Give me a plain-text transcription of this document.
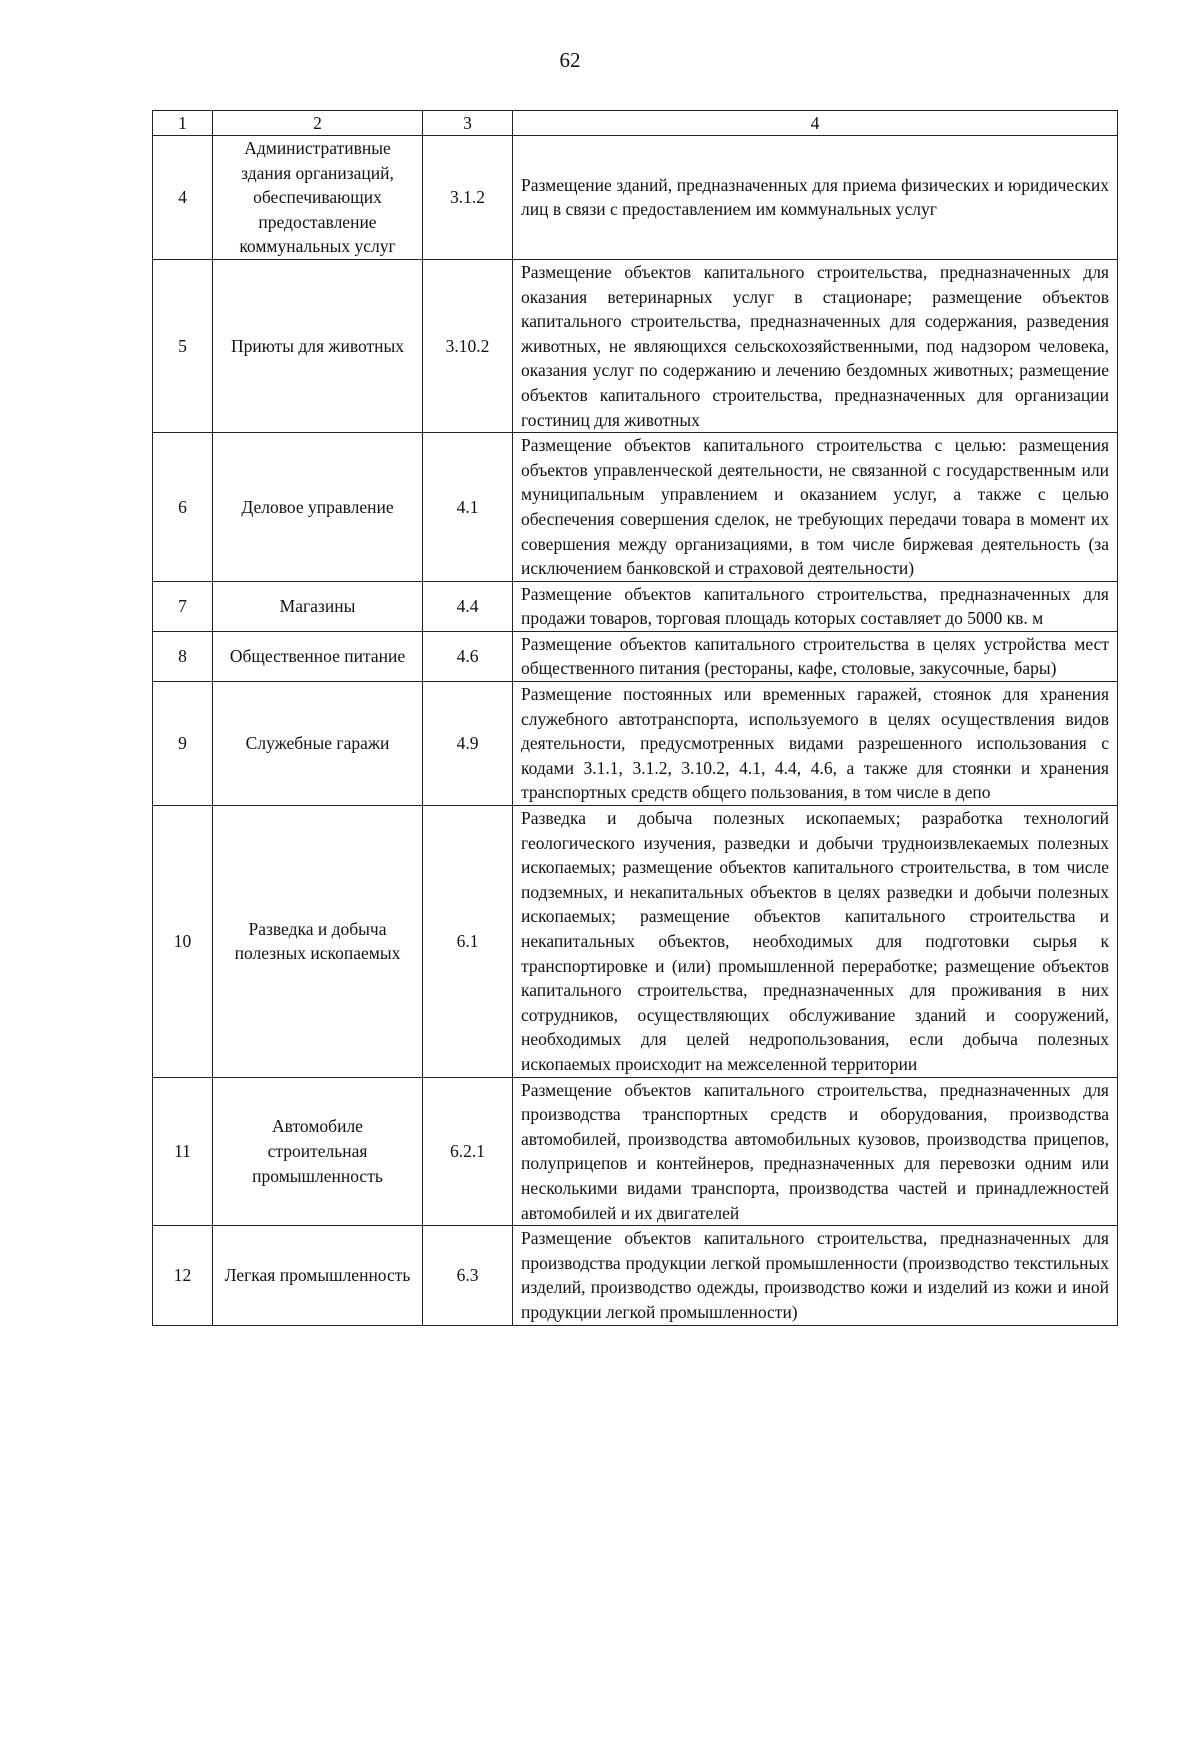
62
1	2	3	4
4	Административные здания организаций, обеспечивающих предоставление коммунальных услуг	3.1.2	Размещение зданий, предназначенных для приема физических и юридических лиц в связи с предоставлением им коммунальных услуг
5	Приюты для животных	3.10.2	Размещение объектов капитального строительства, предназначенных для оказания ветеринарных услуг в стационаре; размещение объектов капитального строительства, предназначенных для содержания, разведения животных, не являющихся сельскохозяйственными, под надзором человека, оказания услуг по содержанию и лечению бездомных животных; размещение объектов капитального строительства, предназначенных для организации гостиниц для животных
6	Деловое управление	4.1	Размещение объектов капитального строительства с целью: размещения объектов управленческой деятельности, не связанной с государственным или муниципальным управлением и оказанием услуг, а также с целью обеспечения совершения сделок, не требующих передачи товара в момент их совершения между организациями, в том числе биржевая деятельность (за исключением банковской и страховой деятельности)
7	Магазины	4.4	Размещение объектов капитального строительства, предназначенных для продажи товаров, торговая площадь которых составляет до 5000 кв. м
8	Общественное питание	4.6	Размещение объектов капитального строительства в целях устройства мест общественного питания (рестораны, кафе, столовые, закусочные, бары)
9	Служебные гаражи	4.9	Размещение постоянных или временных гаражей, стоянок для хранения служебного автотранспорта, используемого в целях осуществления видов деятельности, предусмотренных видами разрешенного использования с кодами 3.1.1, 3.1.2, 3.10.2, 4.1, 4.4, 4.6, а также для стоянки и хранения транспортных средств общего пользования, в том числе в депо
10	Разведка и добыча полезных ископаемых	6.1	Разведка и добыча полезных ископаемых; разработка технологий геологического изучения, разведки и добычи трудноизвлекаемых полезных ископаемых; размещение объектов капитального строительства, в том числе подземных, и некапитальных объектов в целях разведки и добычи полезных ископаемых; размещение объектов капитального строительства и некапитальных объектов, необходимых для подготовки сырья к транспортировке и (или) промышленной переработке; размещение объектов капитального строительства, предназначенных для проживания в них сотрудников, осуществляющих обслуживание зданий и сооружений, необходимых для целей недропользования, если добыча полезных ископаемых происходит на межселенной территории
11	Автомобиле строительная промышленность	6.2.1	Размещение объектов капитального строительства, предназначенных для производства транспортных средств и оборудования, производства автомобилей, производства автомобильных кузовов, производства прицепов, полуприцепов и контейнеров, предназначенных для перевозки одним или несколькими видами транспорта, производства частей и принадлежностей автомобилей и их двигателей
12	Легкая промышленность	6.3	Размещение объектов капитального строительства, предназначенных для производства продукции легкой промышленности (производство текстильных изделий, производство одежды, производство кожи и изделий из кожи и иной продукции легкой промышленности)
